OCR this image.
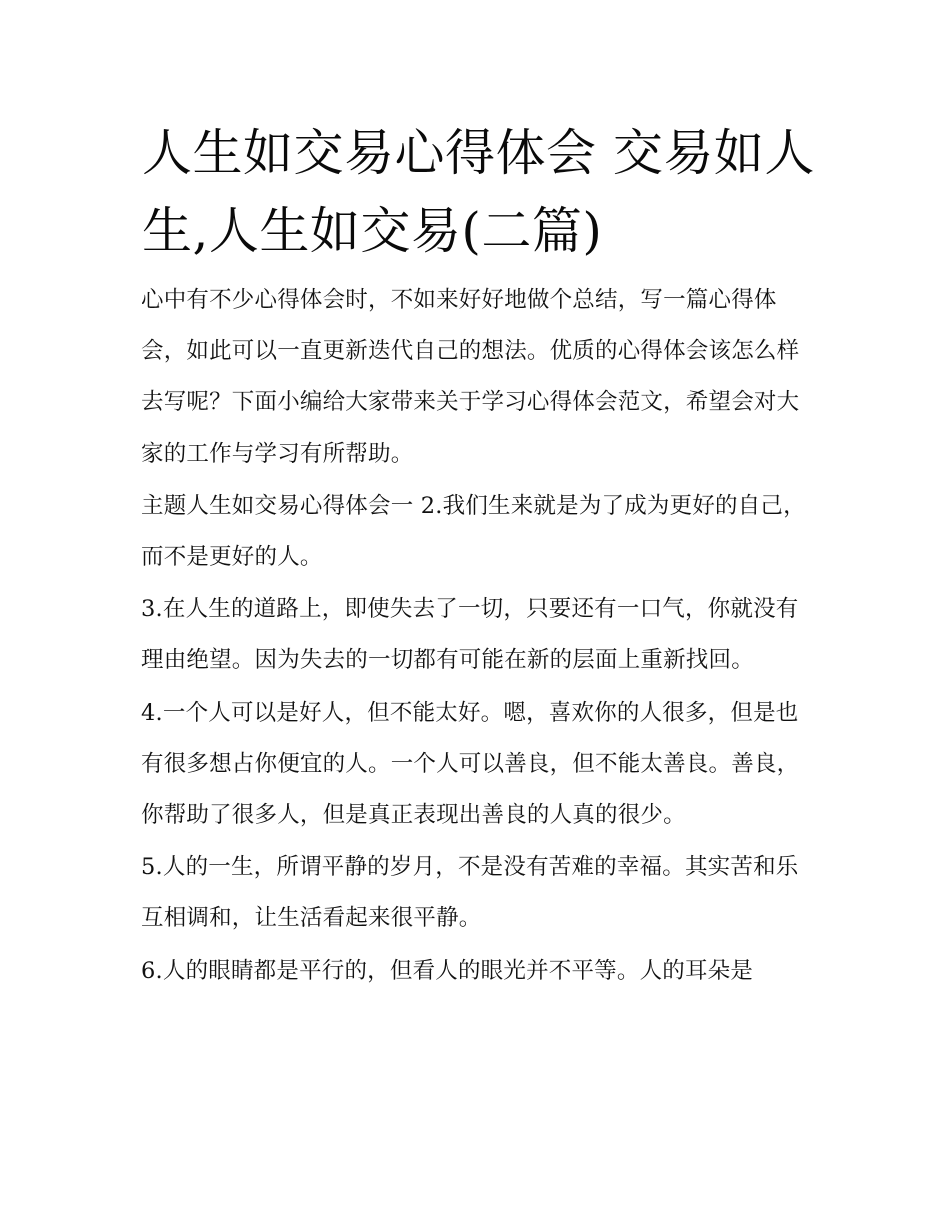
人生如交易心得体会 交易如人生,人生如交易(二篇)

心中有不少心得体会时，不如来好好地做个总结，写一篇心得体会，如此可以一直更新迭代自己的想法。优质的心得体会该怎么样去写呢？下面小编给大家带来关于学习心得体会范文，希望会对大家的工作与学习有所帮助。

主题人生如交易心得体会一 2.我们生来就是为了成为更好的自己，而不是更好的人。

3.在人生的道路上，即使失去了一切，只要还有一口气，你就没有理由绝望。因为失去的一切都有可能在新的层面上重新找回。

4.一个人可以是好人，但不能太好。嗯，喜欢你的人很多，但是也有很多想占你便宜的人。一个人可以善良，但不能太善良。善良，你帮助了很多人，但是真正表现出善良的人真的很少。

5.人的一生，所谓平静的岁月，不是没有苦难的幸福。其实苦和乐互相调和，让生活看起来很平静。

6.人的眼睛都是平行的，但看人的眼光并不平等。人的耳朵是
